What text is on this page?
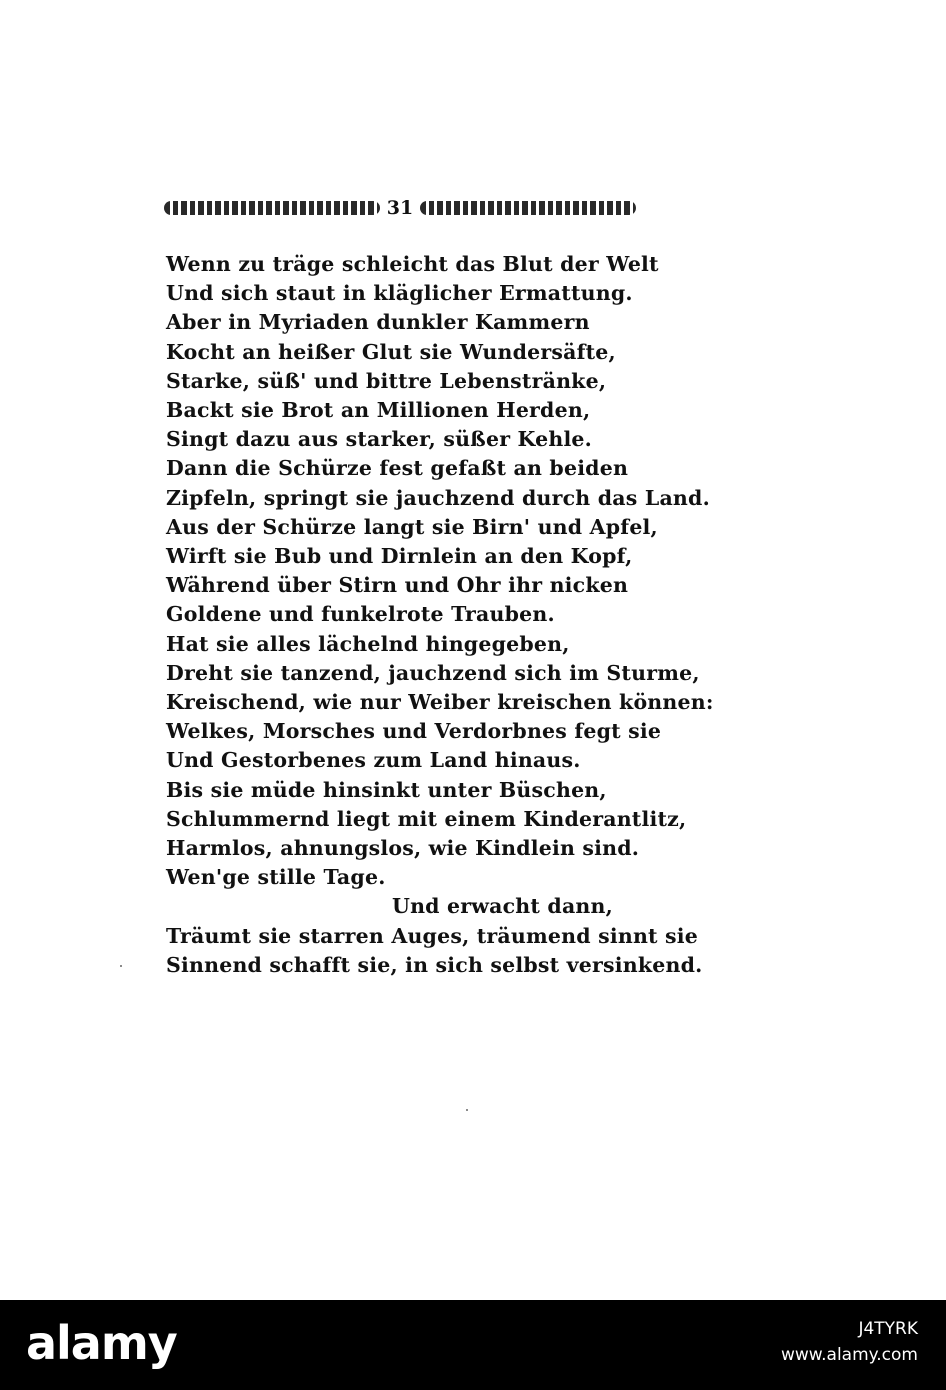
31
Wenn zu träge schleicht das Blut der Welt
Und sich staut in kläglicher Ermattung.
Aber in Myriaden dunkler Kammern
Kocht an heißer Glut sie Wundersäfte,
Starke, süß' und bittre Lebenstränke,
Backt sie Brot an Millionen Herden,
Singt dazu aus starker, süßer Kehle.
Dann die Schürze fest gefaßt an beiden
Zipfeln, springt sie jauchzend durch das Land.
Aus der Schürze langt sie Birn' und Apfel,
Wirft sie Bub und Dirnlein an den Kopf,
Während über Stirn und Ohr ihr nicken
Goldene und funkelrote Trauben.
Hat sie alles lächelnd hingegeben,
Dreht sie tanzend, jauchzend sich im Sturme,
Kreischend, wie nur Weiber kreischen können:
Welkes, Morsches und Verdorbnes fegt sie
Und Gestorbenes zum Land hinaus.
Bis sie müde hinsinkt unter Büschen,
Schlummernd liegt mit einem Kinderantlitz,
Harmlos, ahnungslos, wie Kindlein sind.
Wen'ge stille Tage.
Und erwacht dann,
Träumt sie starren Auges, träumend sinnt sie
Sinnend schafft sie, in sich selbst versinkend.
alamy	J4TYRK
www.alamy.com
